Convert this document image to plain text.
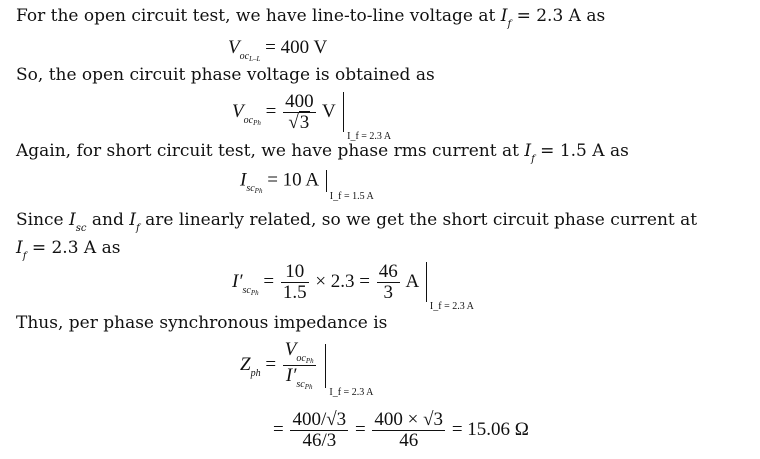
For the open circuit test, we have line-to-line voltage at $I_f = 2.3$ A as
$V_{oc_{L-L}} = 400$ V
So, the open circuit phase voltage is obtained as
$V_{oc_{Ph}} = \frac{400}{√3}$ V
I_f = 2.3 A
Again, for short circuit test, we have phase rms current at $I_f = 1.5$ A as
$I_{sc_{Ph}} = 10$ A
I_f = 1.5 A
Since $I_{sc}$ and $I_f$ are linearly related, so we get the short circuit phase current at
$I_f = 2.3$ A as
$I'_{sc_{Ph}} = \frac{10}{1.5} \times 2.3 = \frac{46}{3}$ A
I_f = 2.3 A
Thus, per phase synchronous impedance is
$Z_{ph} = \frac{V_{oc_{Ph}}}{I'_{sc_{Ph}}}$

I_f = 2.3 A
= $\frac{400/√3}{46/3} = \frac{400 \times √3}{46} = 15.06$ Ω
